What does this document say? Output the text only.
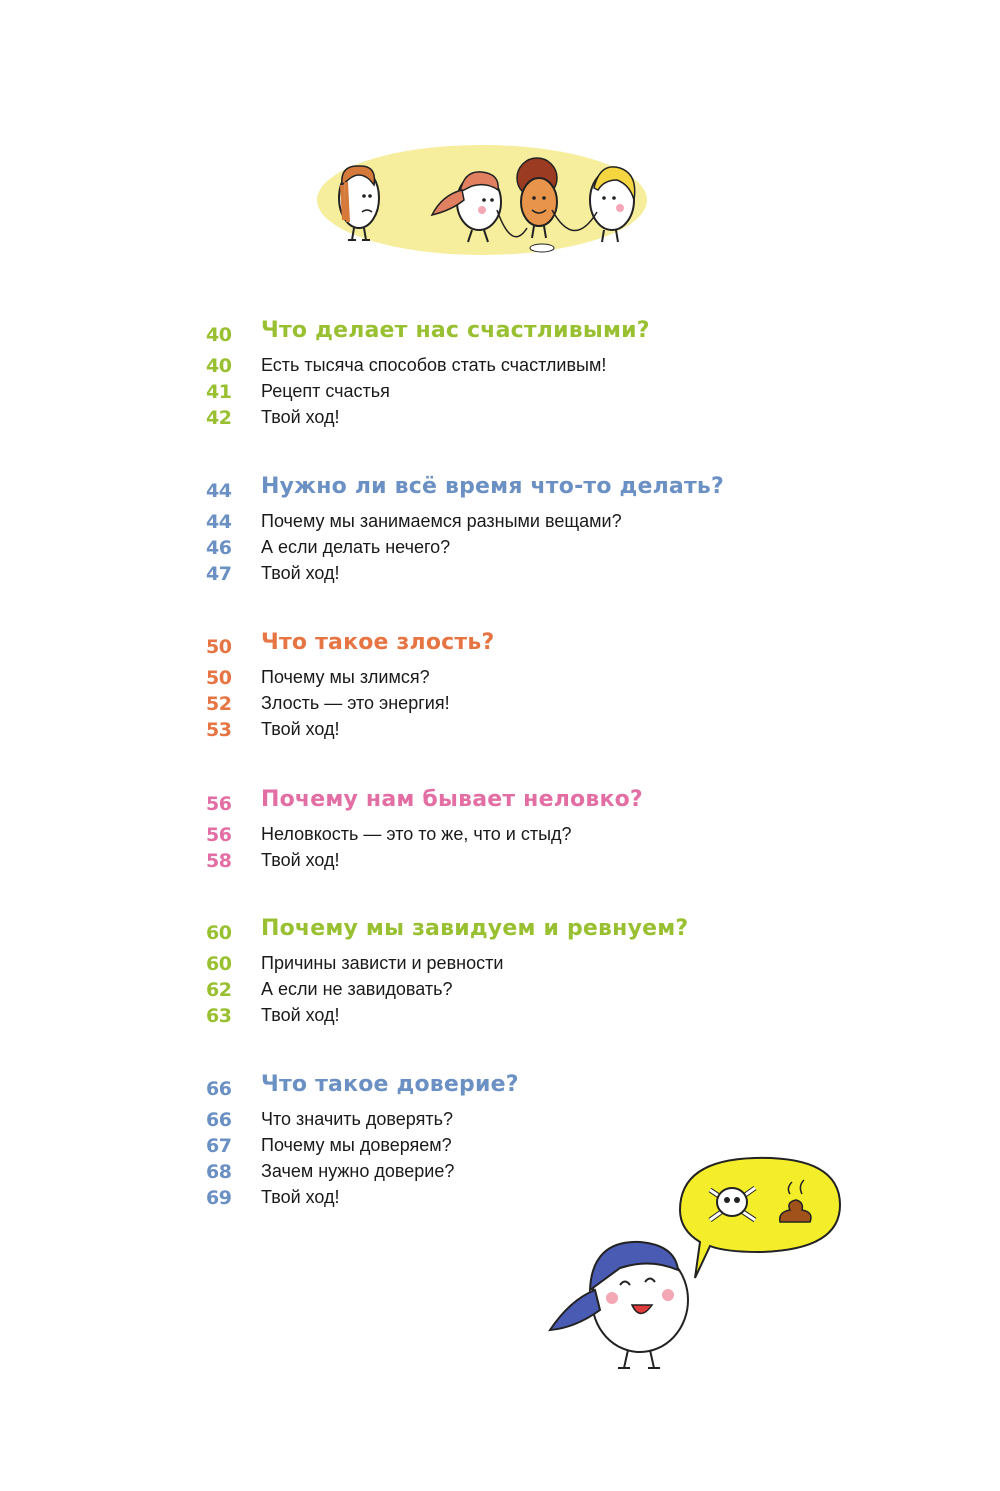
40	Что делает нас счастливыми?
40	Есть тысяча способов стать счастливым!
41	Рецепт счастья
42	Твой ход!
44	Нужно ли всё время что-то делать?
44	Почему мы занимаемся разными вещами?
46	А если делать нечего?
47	Твой ход!
50	Что такое злость?
50	Почему мы злимся?
52	Злость — это энергия!
53	Твой ход!
56	Почему нам бывает неловко?
56	Неловкость — это то же, что и стыд?
58	Твой ход!
60	Почему мы завидуем и ревнуем?
60	Причины зависти и ревности
62	А если не завидовать?
63	Твой ход!
66	Что такое доверие?
66	Что значить доверять?
67	Почему мы доверяем?
68	Зачем нужно доверие?
69	Твой ход!
